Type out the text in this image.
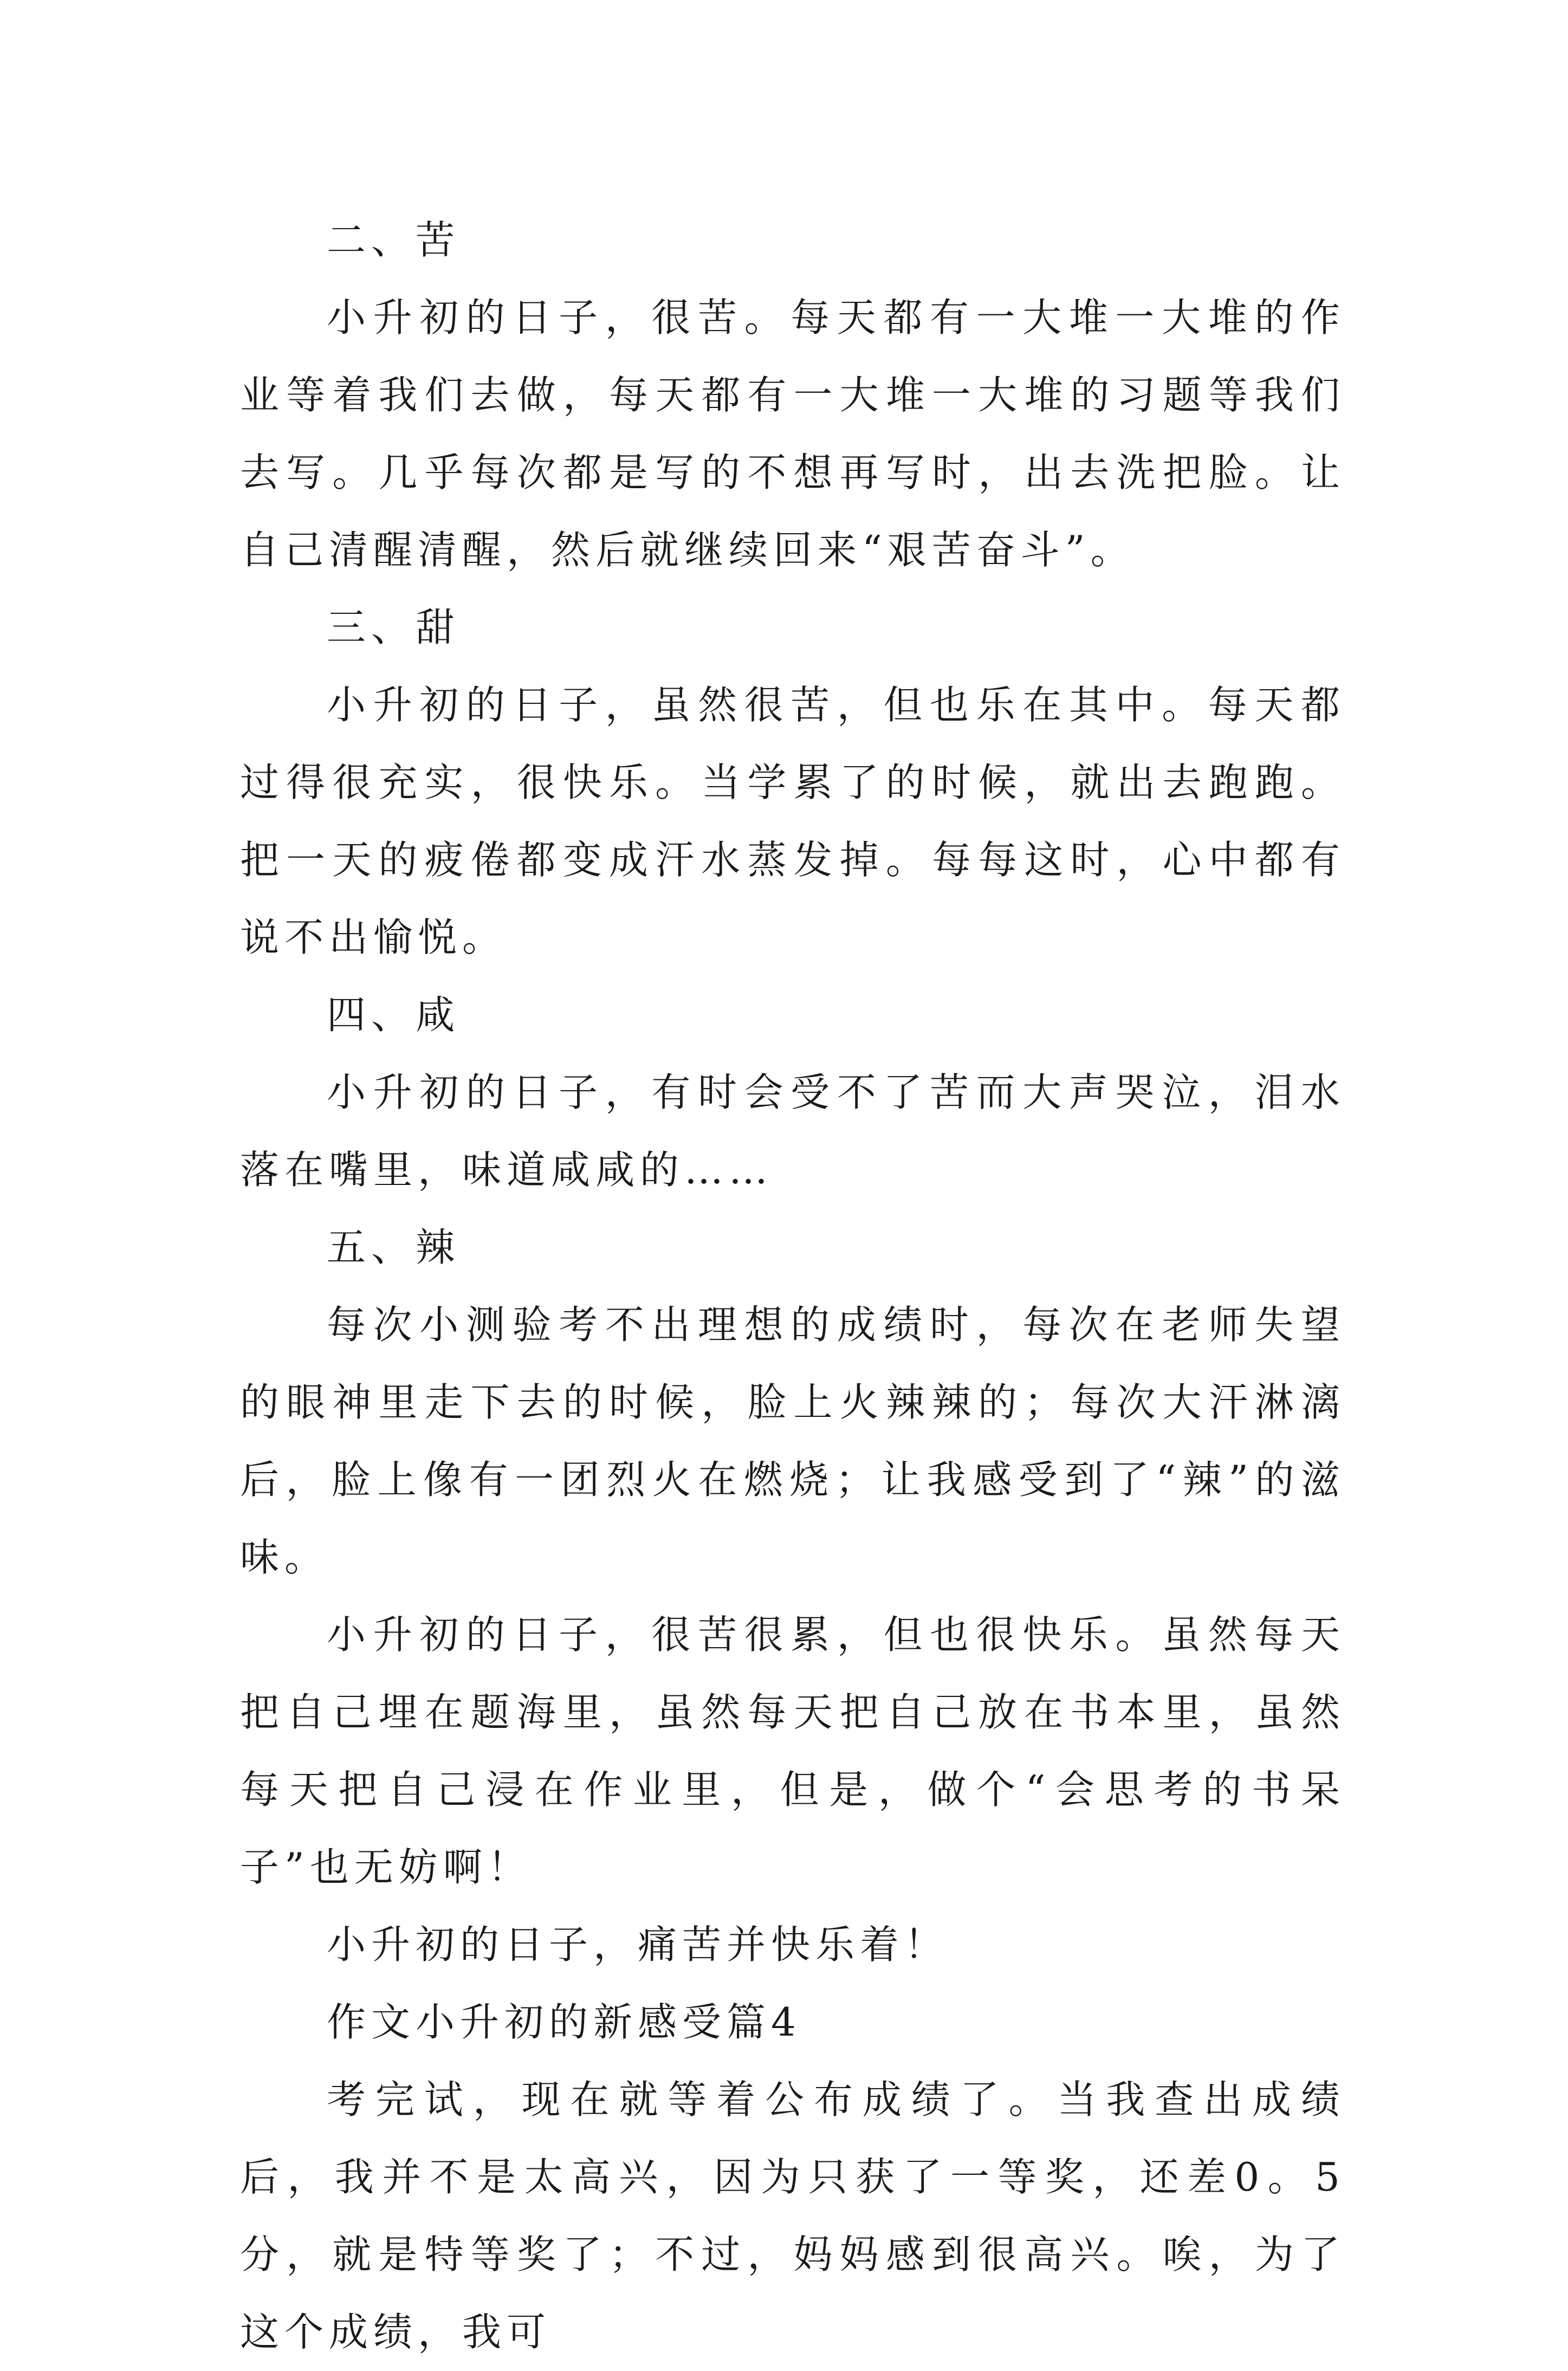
二、苦

小升初的日子，很苦。每天都有一大堆一大堆的作业等着我们去做，每天都有一大堆一大堆的习题等我们去写。几乎每次都是写的不想再写时，出去洗把脸。让自己清醒清醒，然后就继续回来“艰苦奋斗”。

三、甜

小升初的日子，虽然很苦，但也乐在其中。每天都过得很充实，很快乐。当学累了的时候，就出去跑跑。把一天的疲倦都变成汗水蒸发掉。每每这时，心中都有说不出愉悦。

四、咸

小升初的日子，有时会受不了苦而大声哭泣，泪水落在嘴里，味道咸咸的……

五、辣

每次小测验考不出理想的成绩时，每次在老师失望的眼神里走下去的时候，脸上火辣辣的；每次大汗淋漓后，脸上像有一团烈火在燃烧；让我感受到了“辣”的滋味。

小升初的日子，很苦很累，但也很快乐。虽然每天把自己埋在题海里，虽然每天把自己放在书本里，虽然每天把自己浸在作业里，但是，做个“会思考的书呆子”也无妨啊！

小升初的日子，痛苦并快乐着！

作文小升初的新感受篇4

考完试，现在就等着公布成绩了。当我查出成绩后，我并不是太高兴，因为只获了一等奖，还差0。5分，就是特等奖了；不过，妈妈感到很高兴。唉，为了这个成绩，我可
